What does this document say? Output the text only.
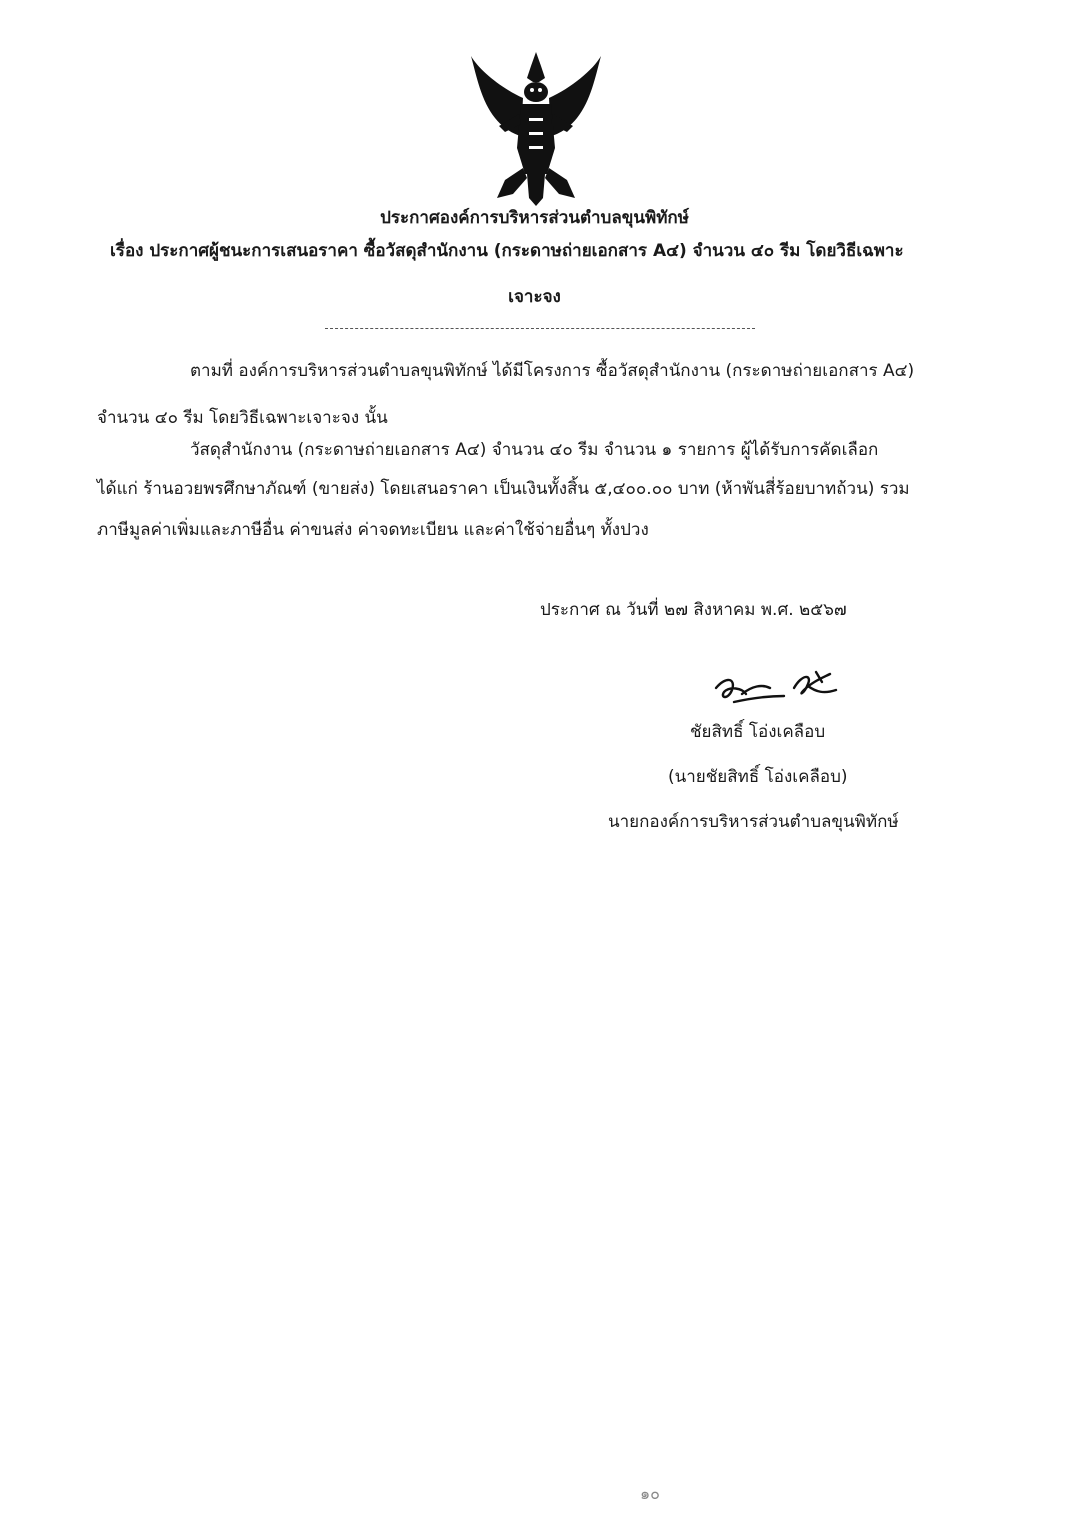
ประกาศองค์การบริหารส่วนตำบลขุนพิทักษ์
เรื่อง ประกาศผู้ชนะการเสนอราคา ซื้อวัสดุสำนักงาน (กระดาษถ่ายเอกสาร A๔) จำนวน ๔๐ รีม โดยวิธีเฉพาะ
เจาะจง
ตามที่ องค์การบริหารส่วนตำบลขุนพิทักษ์ ได้มีโครงการ ซื้อวัสดุสำนักงาน (กระดาษถ่ายเอกสาร A๔)
จำนวน ๔๐ รีม โดยวิธีเฉพาะเจาะจง นั้น
วัสดุสำนักงาน (กระดาษถ่ายเอกสาร A๔) จำนวน ๔๐ รีม จำนวน ๑ รายการ ผู้ได้รับการคัดเลือก
ได้แก่ ร้านอวยพรศึกษาภัณฑ์ (ขายส่ง) โดยเสนอราคา เป็นเงินทั้งสิ้น ๕,๔๐๐.๐๐ บาท (ห้าพันสี่ร้อยบาทถ้วน) รวม
ภาษีมูลค่าเพิ่มและภาษีอื่น ค่าขนส่ง ค่าจดทะเบียน และค่าใช้จ่ายอื่นๆ ทั้งปวง
ประกาศ ณ วันที่ ๒๗ สิงหาคม พ.ศ. ๒๕๖๗
ชัยสิทธิ์ โอ่งเคลือบ
(นายชัยสิทธิ์ โอ่งเคลือบ)
นายกองค์การบริหารส่วนตำบลขุนพิทักษ์
๑๐
